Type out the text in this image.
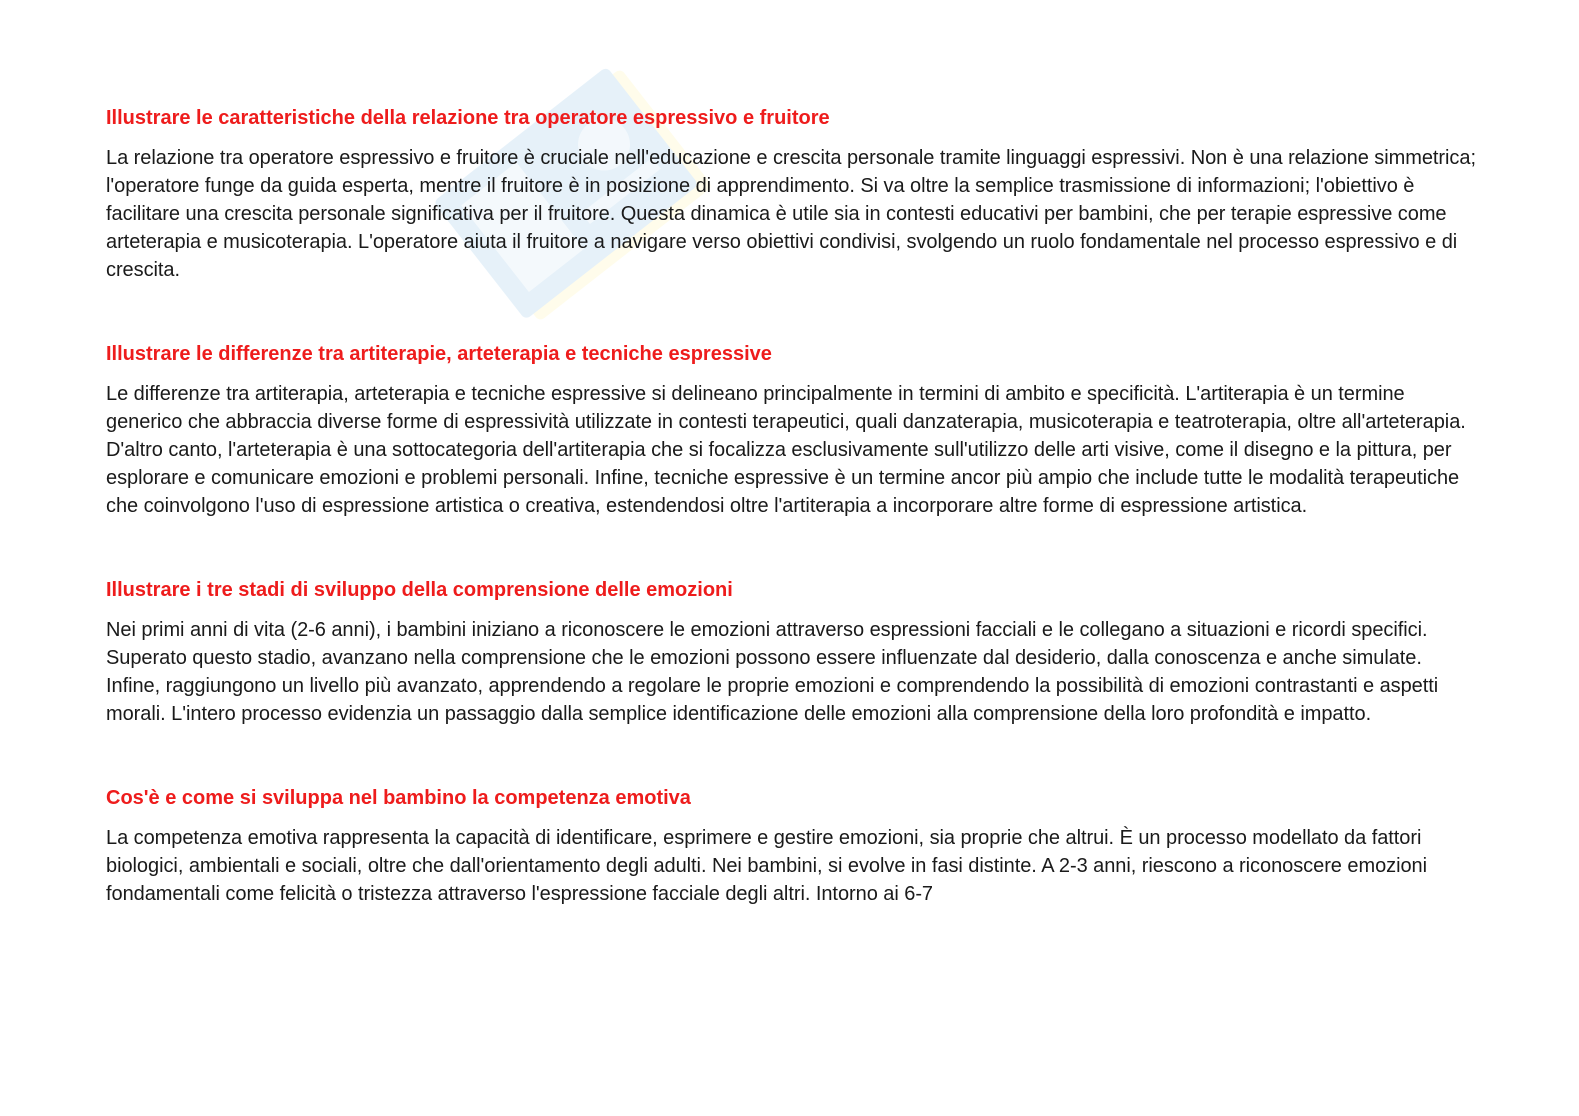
Illustrare le caratteristiche della relazione tra operatore espressivo e fruitore

La relazione tra operatore espressivo e fruitore è cruciale nell'educazione e crescita personale tramite linguaggi espressivi. Non è una relazione simmetrica; l'operatore funge da guida esperta, mentre il fruitore è in posizione di apprendimento. Si va oltre la semplice trasmissione di informazioni; l'obiettivo è facilitare una crescita personale significativa per il fruitore. Questa dinamica è utile sia in contesti educativi per bambini, che per terapie espressive come arteterapia e musicoterapia. L'operatore aiuta il fruitore a navigare verso obiettivi condivisi, svolgendo un ruolo fondamentale nel processo espressivo e di crescita.

Illustrare le differenze tra artiterapie, arteterapia e tecniche espressive

Le differenze tra artiterapia, arteterapia e tecniche espressive si delineano principalmente in termini di ambito e specificità. L'artiterapia è un termine generico che abbraccia diverse forme di espressività utilizzate in contesti terapeutici, quali danzaterapia, musicoterapia e teatroterapia, oltre all'arteterapia. D'altro canto, l'arteterapia è una sottocategoria dell'artiterapia che si focalizza esclusivamente sull'utilizzo delle arti visive, come il disegno e la pittura, per esplorare e comunicare emozioni e problemi personali. Infine, tecniche espressive è un termine ancor più ampio che include tutte le modalità terapeutiche che coinvolgono l'uso di espressione artistica o creativa, estendendosi oltre l'artiterapia a incorporare altre forme di espressione artistica.

Illustrare i tre stadi di sviluppo della comprensione delle emozioni

Nei primi anni di vita (2-6 anni), i bambini iniziano a riconoscere le emozioni attraverso espressioni facciali e le collegano a situazioni e ricordi specifici. Superato questo stadio, avanzano nella comprensione che le emozioni possono essere influenzate dal desiderio, dalla conoscenza e anche simulate. Infine, raggiungono un livello più avanzato, apprendendo a regolare le proprie emozioni e comprendendo la possibilità di emozioni contrastanti e aspetti morali. L'intero processo evidenzia un passaggio dalla semplice identificazione delle emozioni alla comprensione della loro profondità e impatto.

Cos'è e come si sviluppa nel bambino la competenza emotiva

La competenza emotiva rappresenta la capacità di identificare, esprimere e gestire emozioni, sia proprie che altrui. È un processo modellato da fattori biologici, ambientali e sociali, oltre che dall'orientamento degli adulti. Nei bambini, si evolve in fasi distinte. A 2-3 anni, riescono a riconoscere emozioni fondamentali come felicità o tristezza attraverso l'espressione facciale degli altri. Intorno ai 6-7
